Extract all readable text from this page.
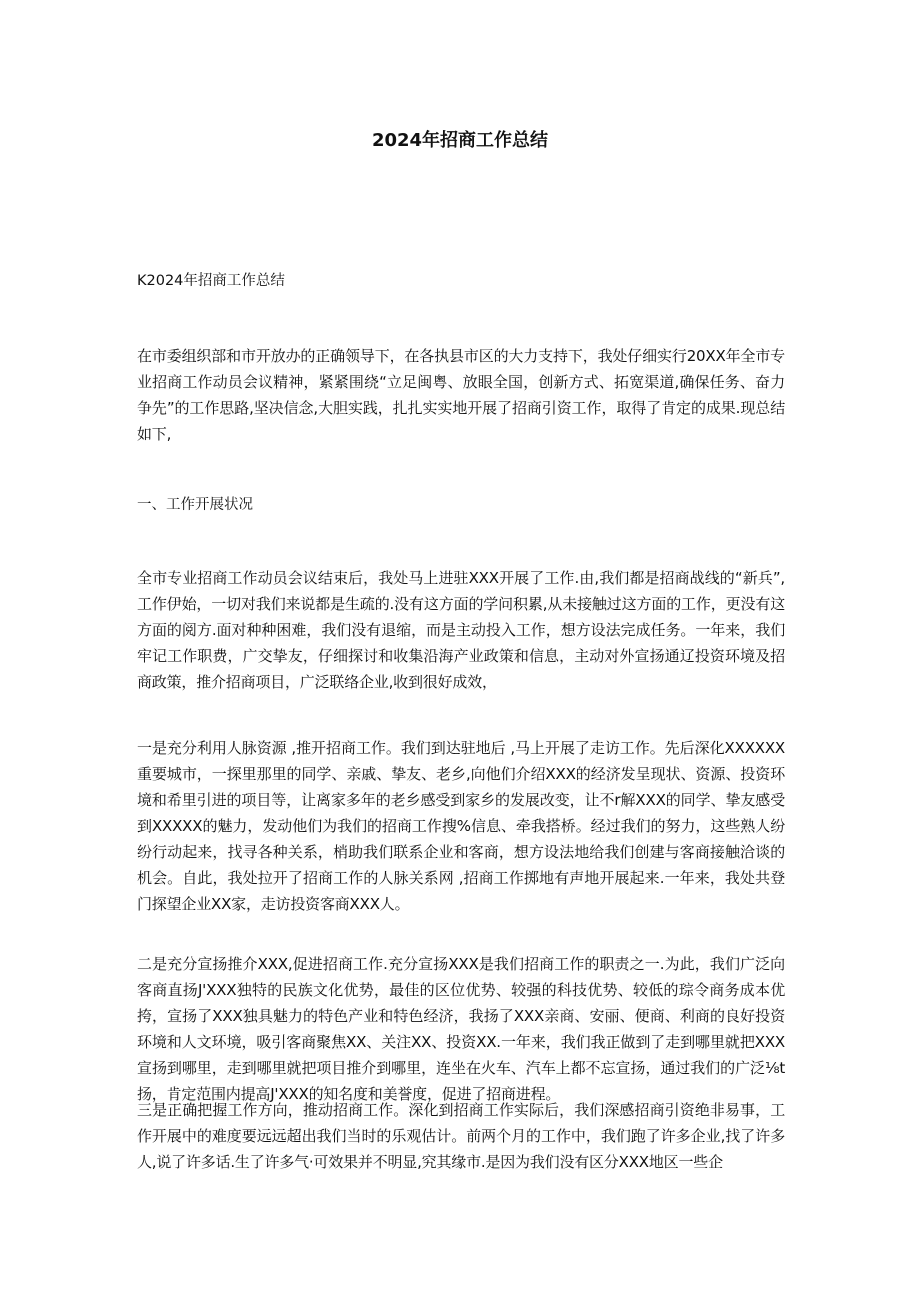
2024年招商工作总结

K2024年招商工作总结

在市委组织部和市开放办的正确领导下，在各执县市区的大力支持下，我处仔细实行20XX年全市专业招商工作动员会议精神，紧紧围绕“立足闽粤、放眼全国，创新方式、拓宽渠道,确保任务、奋力争先”的工作思路,坚决信念,大胆实践，扎扎实实地开展了招商引资工作，取得了肯定的成果.现总结如下,

一、工作开展状况

全市专业招商工作动员会议结束后，我处马上进驻XXX开展了工作.由,我们都是招商战线的“新兵”,工作伊始，一切对我们来说都是生疏的.没有这方面的学问积累,从未接触过这方面的工作，更没有这方面的阅方.面对种种困难，我们没有退缩，而是主动投入工作，想方设法完成任务。一年来，我们牢记工作职费，广交挚友，仔细探讨和收集沿海产业政策和信息，主动对外宣扬通辽投资环境及招商政策，推介招商项目，广泛联络企业,收到很好成效，

一是充分利用人脉资源 ,推开招商工作。我们到达驻地后 ,马上开展了走访工作。先后深化XXXXXX重要城市，一探里那里的同学、亲戚、挚友、老乡,向他们介绍XXX的经济发呈现状、资源、投资环境和希里引进的项目等，让离家多年的老乡感受到家乡的发展改变，让不r解XXX的同学、挚友感受到XXXXX的魅力，发动他们为我们的招商工作搜%信息、牵我搭桥。经过我们的努力，这些熟人纷纷行动起来，找寻各种关系，梢助我们联系企业和客商，想方设法地给我们创建与客商接触洽谈的机会。自此，我处拉开了招商工作的人脉关系网 ,招商工作掷地有声地开展起来.一年来，我处共登门探望企业XX家，走访投资客商XXX人。

二是充分宣扬推介XXX,促进招商工作.充分宣扬XXX是我们招商工作的职责之一.为此，我们广泛向客商直扬J'XXX独特的民族文化优势，最佳的区位优势、较强的科技优势、较低的琮令商务成本优挎，宣扬了XXX独具魅力的特色产业和特色经济，我扬了XXX亲商、安丽、便商、利商的良好投资环境和人文环境，吸引客商聚焦XX、关注XX、投资XX.一年来，我们我正做到了走到哪里就把XXX宣扬到哪里，走到哪里就把项目推介到哪里，连坐在火车、汽车上都不忘宣扬，通过我们的广泛⅛t扬，肯定范围内提高J'XXX的知名度和美誉度，促进了招商进程。

三是正确把握工作方向，推动招商工作。深化到招商工作实际后，我们深感招商引资绝非易事，工作开展中的难度要远远超出我们当时的乐观估计。前两个月的工作中，我们跑了许多企业,找了许多人,说了许多话.生了许多气·可效果并不明显,究其缘市.是因为我们没有区分XXX地区一些企
